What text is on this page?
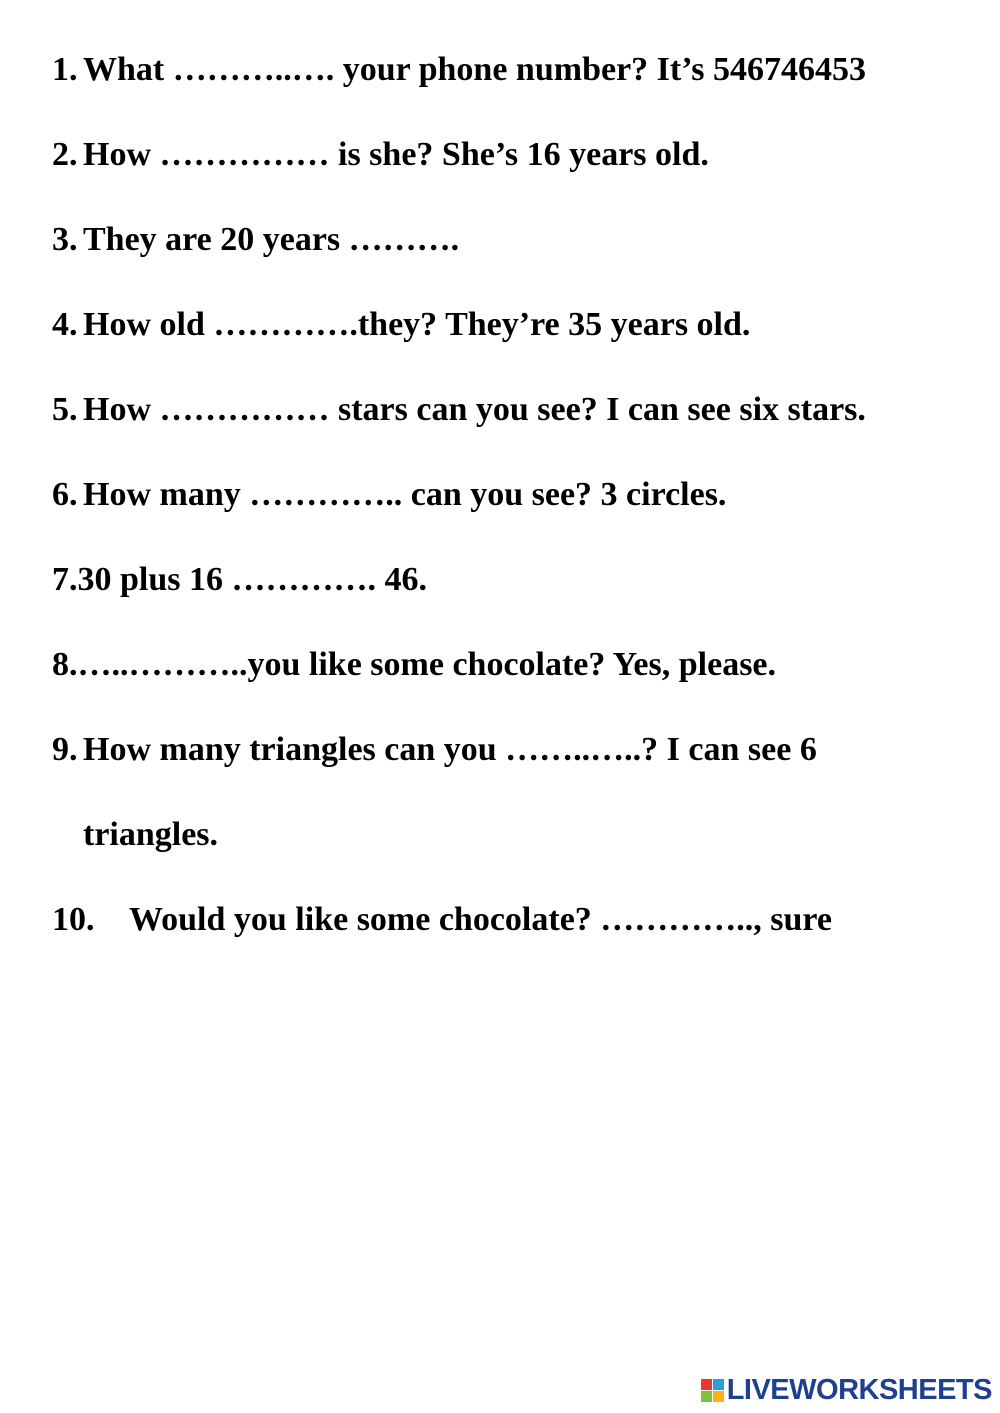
1. What ………..…. your phone number? It’s 546746453
2. How …………… is she? She’s 16 years old.
3. They are 20 years ……….
4. How old ………….they? They’re 35 years old.
5. How …………… stars can you see? I can see six stars.
6. How many ………….. can you see? 3 circles.
7.30 plus 16 …………. 46.
8.…..………..you like some chocolate? Yes, please.
9. How many triangles can you ……..…..? I can see 6
triangles.
10. Would you like some chocolate? ………….., sure
LIVEWORKSHEETS
